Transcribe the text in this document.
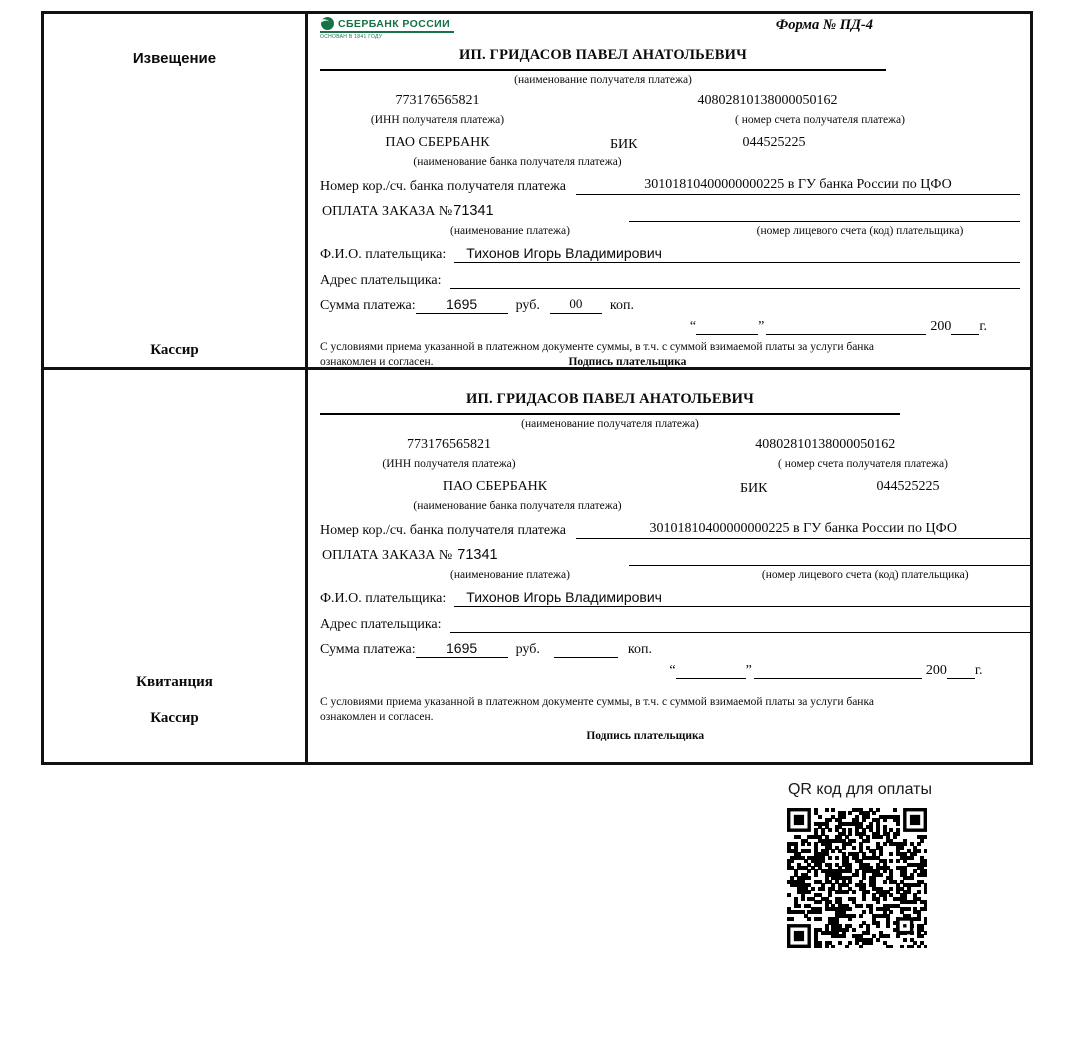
Извещение
Кассир
СБЕРБАНК РОССИИ
ОСНОВАН В 1841 ГОДУ
Форма № ПД-4
ИП. ГРИДАСОВ ПАВЕЛ АНАТОЛЬЕВИЧ
(наименование получателя платежа)
773176565821	40802810138000050162
(ИНН получателя платежа)	( номер счета получателя платежа)
ПАО СБЕРБАНК	БИК	044525225
(наименование банка получателя платежа)
Номер кор./сч. банка получателя платежа	30101810400000000225 в ГУ банка России по ЦФО
ОПЛАТА ЗАКАЗА №71341
(наименование платежа)	(номер лицевого счета (код) плательщика)
Ф.И.О. плательщика:	Тихонов Игорь Владимирович
Адрес плательщика:
Сумма платежа:	1695	руб.	00	коп.
“	”	200 г.
С условиями приема указанной в платежном документе суммы, в т.ч. с суммой взимаемой платы за услуги банка
ознакомлен и согласен.	Подпись плательщика
Квитанция
Кассир
ИП. ГРИДАСОВ ПАВЕЛ АНАТОЛЬЕВИЧ
(наименование получателя платежа)
773176565821	40802810138000050162
(ИНН получателя платежа)	( номер счета получателя платежа)
ПАО СБЕРБАНК	БИК	044525225
(наименование банка получателя платежа)
Номер кор./сч. банка получателя платежа	30101810400000000225 в ГУ банка России по ЦФО
ОПЛАТА ЗАКАЗА № 71341
(наименование платежа)	(номер лицевого счета (код) плательщика)
Ф.И.О. плательщика:	Тихонов Игорь Владимирович
Адрес плательщика:
Сумма платежа:	1695	руб.	коп.
“	”	200 г.
С условиями приема указанной в платежном документе суммы, в т.ч. с суммой взимаемой платы за услуги банка
ознакомлен и согласен.
Подпись плательщика
QR код для оплаты
